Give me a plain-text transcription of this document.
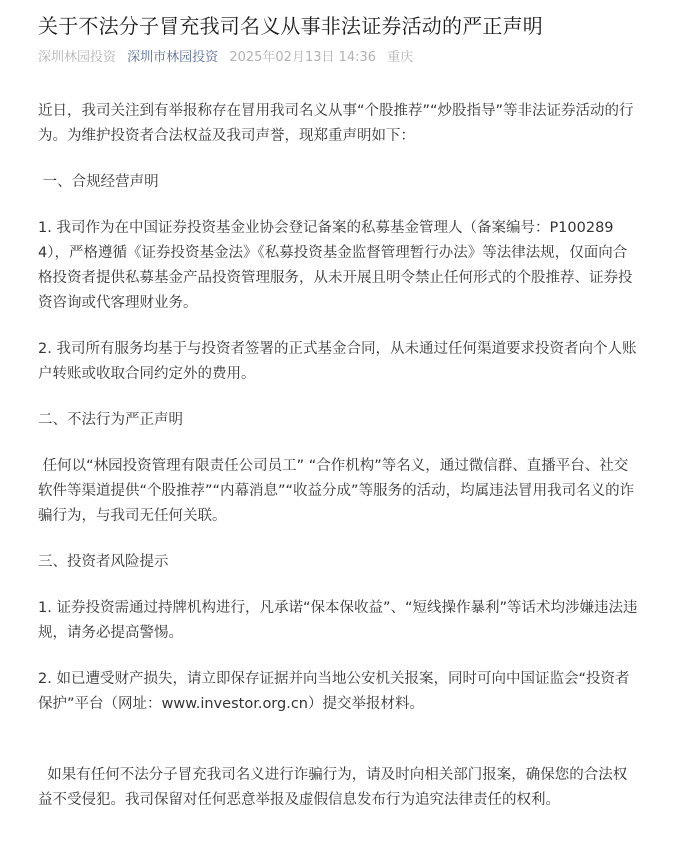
关于不法分子冒充我司名义从事非法证券活动的严正声明
深圳林园投资 深圳市林园投资 2025年02月13日 14:36 重庆

近日，我司关注到有举报称存在冒用我司名义从事“个股推荐”“炒股指导”等非法证券活动的行为。为维护投资者合法权益及我司声誉，现郑重声明如下：

一、合规经营声明

1. 我司作为在中国证券投资基金业协会登记备案的私募基金管理人（备案编号：P1002894），严格遵循《证券投资基金法》《私募投资基金监督管理暂行办法》等法律法规，仅面向合格投资者提供私募基金产品投资管理服务，从未开展且明令禁止任何形式的个股推荐、证券投资咨询或代客理财业务。

2. 我司所有服务均基于与投资者签署的正式基金合同，从未通过任何渠道要求投资者向个人账户转账或收取合同约定外的费用。

二、不法行为严正声明

任何以“林园投资管理有限责任公司员工” “合作机构”等名义，通过微信群、直播平台、社交软件等渠道提供“个股推荐”“内幕消息”“收益分成”等服务的活动，均属违法冒用我司名义的诈骗行为，与我司无任何关联。

三、投资者风险提示

1. 证券投资需通过持牌机构进行，凡承诺“保本保收益”、“短线操作暴利”等话术均涉嫌违法违规，请务必提高警惕。

2. 如已遭受财产损失，请立即保存证据并向当地公安机关报案，同时可向中国证监会“投资者保护”平台（网址：www.investor.org.cn）提交举报材料。

如果有任何不法分子冒充我司名义进行诈骗行为，请及时向相关部门报案，确保您的合法权益不受侵犯。我司保留对任何恶意举报及虚假信息发布行为追究法律责任的权利。
